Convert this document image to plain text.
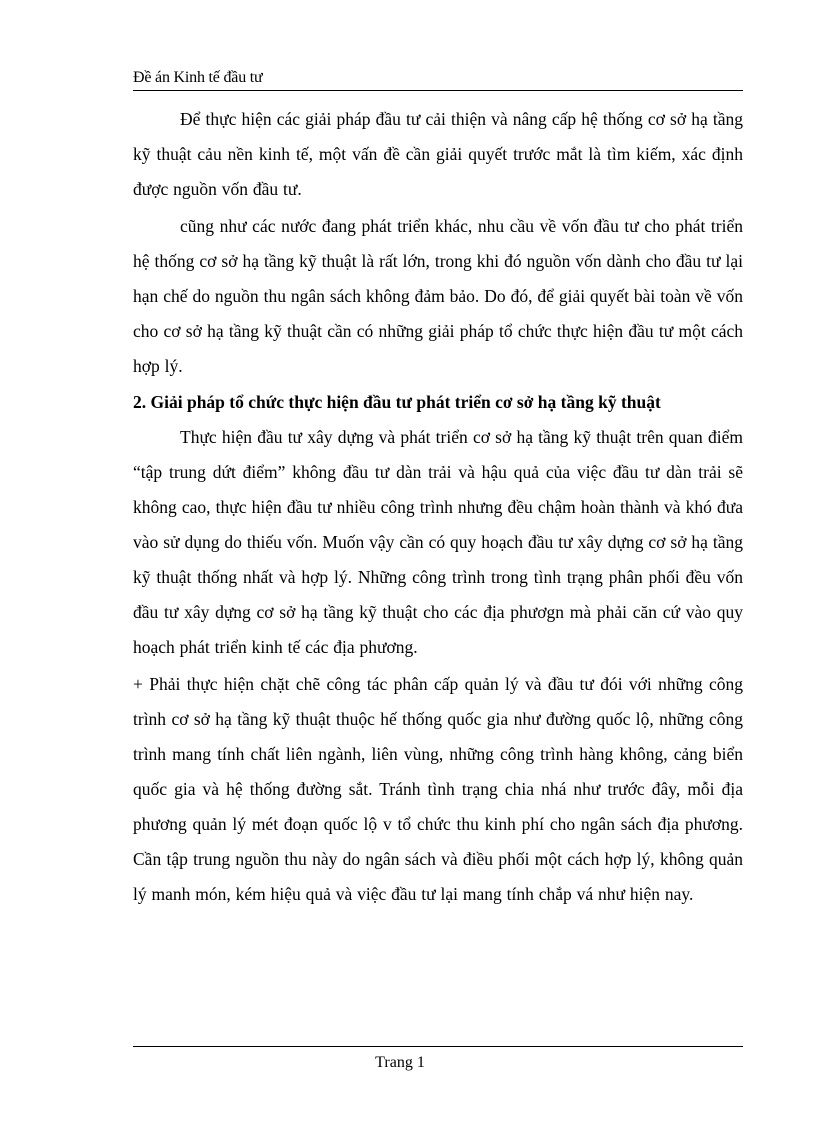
Đề án Kinh tế đầu tư

Để thực hiện các giải pháp đầu tư cải thiện và nâng cấp hệ thống cơ sở hạ tầng kỹ thuật cảu nền kinh tế, một vấn đề cần giải quyết trước mắt là tìm kiếm, xác định được nguồn vốn đầu tư.

cũng như các nước đang phát triển khác, nhu cầu về vốn đầu tư cho phát triển hệ thống cơ sở hạ tầng kỹ thuật là rất lớn, trong khi đó nguồn vốn dành cho đầu tư lại hạn chế do nguồn thu ngân sách không đảm bảo. Do đó, để giải quyết bài toàn về vốn cho cơ sở hạ tầng kỹ thuật cần có những giải pháp tổ chức thực hiện đầu tư một cách hợp lý.

2. Giải pháp tổ chức thực hiện đầu tư phát triển cơ sở hạ tầng kỹ thuật

Thực hiện đầu tư xây dựng và phát triển cơ sở hạ tầng kỹ thuật trên quan điểm “tập trung dứt điểm” không đầu tư dàn trải và hậu quả của việc đầu tư dàn trải sẽ không cao, thực hiện đầu tư nhiều công trình nhưng đều chậm hoàn thành và khó đưa vào sử dụng do thiếu vốn. Muốn vậy cần có quy hoạch đầu tư xây dựng cơ sở hạ tầng kỹ thuật thống nhất và hợp lý. Những công trình trong tình trạng phân phối đều vốn đầu tư xây dựng cơ sở hạ tầng kỹ thuật cho các địa phươgn mà phải căn cứ vào quy hoạch phát triển kinh tế các địa phương.

+ Phải thực hiện chặt chẽ công tác phân cấp quản lý và đầu tư đói với những công trình cơ sở hạ tầng kỹ thuật thuộc hế thống quốc gia như đường quốc lộ, những công trình mang tính chất liên ngành, liên vùng, những công trình hàng không, cảng biển quốc gia và hệ thống đường sắt. Tránh tình trạng chia nhá như trước đây, mỗi địa phương quản lý mét đoạn quốc lộ v tổ chức thu kinh phí cho ngân sách địa phương. Cần tập trung nguồn thu này do ngân sách và điều phối một cách hợp lý, không quản lý manh món, kém hiệu quả và việc đầu tư lại mang tính chắp vá như hiện nay.

Trang 1
